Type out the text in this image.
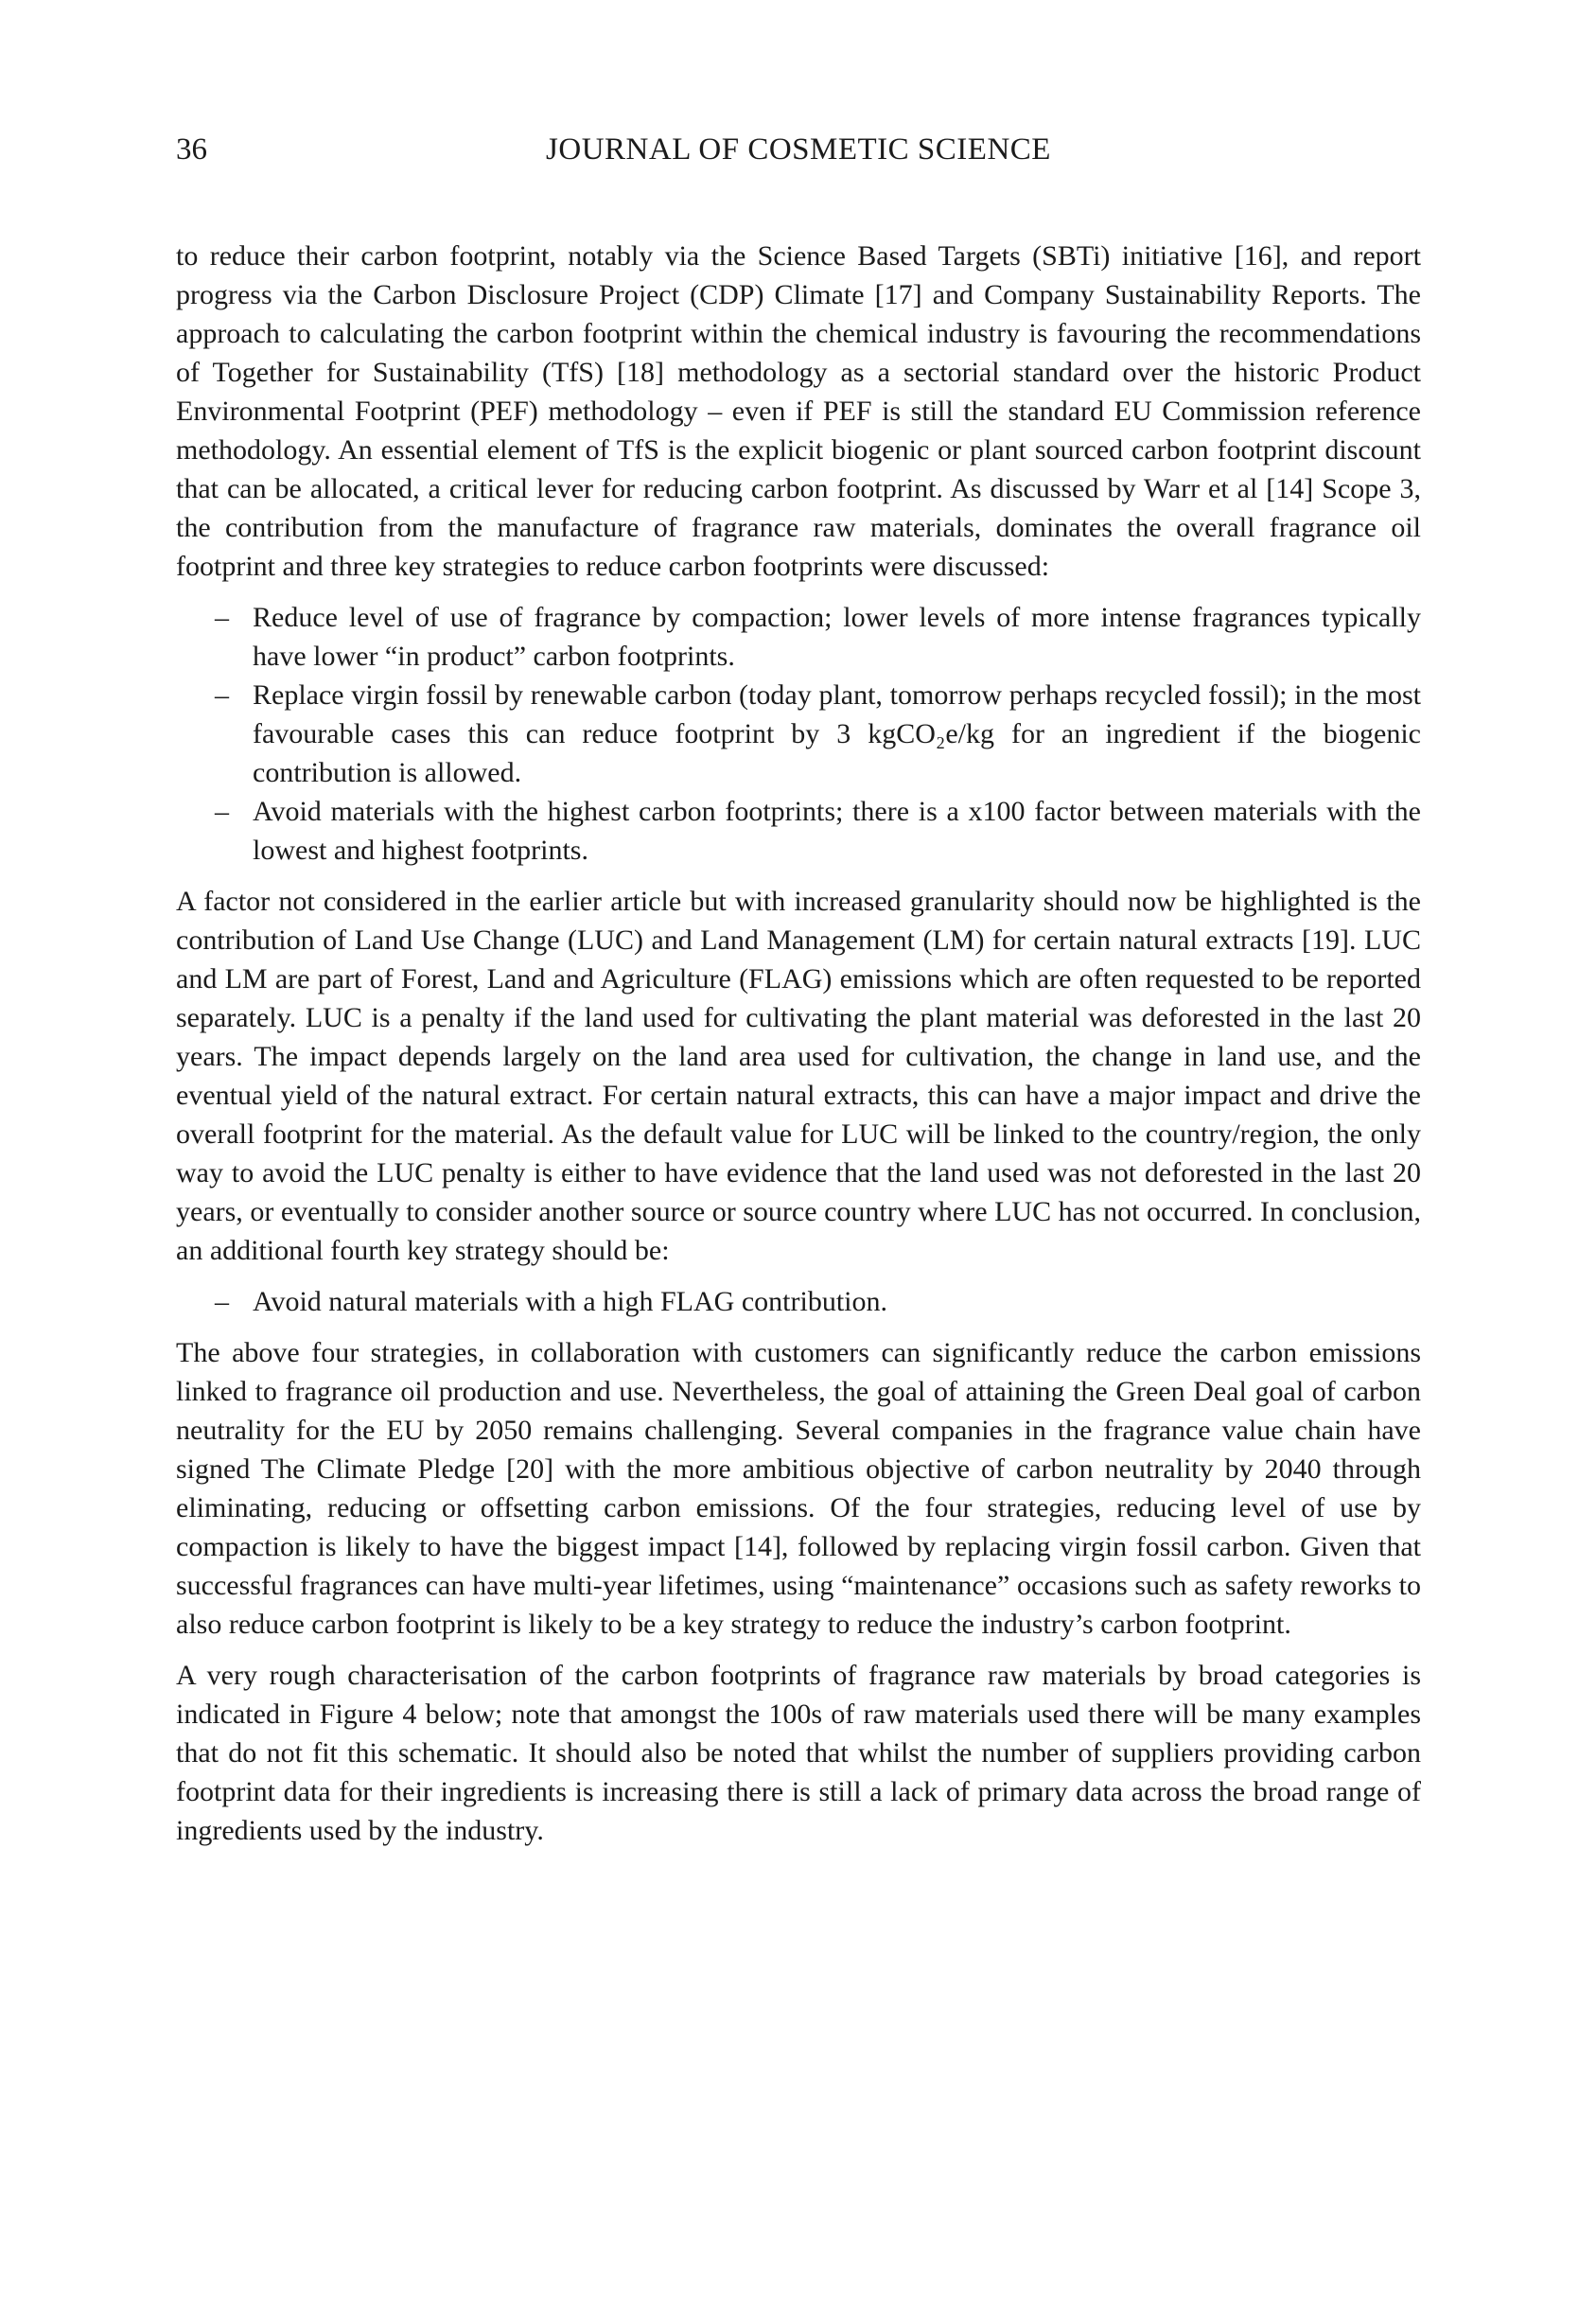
36	JOURNAL OF COSMETIC SCIENCE

to reduce their carbon footprint, notably via the Science Based Targets (SBTi) initiative [16], and report progress via the Carbon Disclosure Project (CDP) Climate [17] and Company Sustainability Reports. The approach to calculating the carbon footprint within the chemical industry is favouring the recommendations of Together for Sustainability (TfS) [18] methodology as a sectorial standard over the historic Product Environmental Footprint (PEF) methodology – even if PEF is still the standard EU Commission reference methodology. An essential element of TfS is the explicit biogenic or plant sourced carbon footprint discount that can be allocated, a critical lever for reducing carbon footprint. As discussed by Warr et al [14] Scope 3, the contribution from the manufacture of fragrance raw materials, dominates the overall fragrance oil footprint and three key strategies to reduce carbon footprints were discussed:

– Reduce level of use of fragrance by compaction; lower levels of more intense fragrances typically have lower “in product” carbon footprints.
– Replace virgin fossil by renewable carbon (today plant, tomorrow perhaps recycled fossil); in the most favourable cases this can reduce footprint by 3 kgCO₂e/kg for an ingredient if the biogenic contribution is allowed.
– Avoid materials with the highest carbon footprints; there is a x100 factor between materials with the lowest and highest footprints.

A factor not considered in the earlier article but with increased granularity should now be highlighted is the contribution of Land Use Change (LUC) and Land Management (LM) for certain natural extracts [19]. LUC and LM are part of Forest, Land and Agriculture (FLAG) emissions which are often requested to be reported separately. LUC is a penalty if the land used for cultivating the plant material was deforested in the last 20 years. The impact depends largely on the land area used for cultivation, the change in land use, and the eventual yield of the natural extract. For certain natural extracts, this can have a major impact and drive the overall footprint for the material. As the default value for LUC will be linked to the country/region, the only way to avoid the LUC penalty is either to have evidence that the land used was not deforested in the last 20 years, or eventually to consider another source or source country where LUC has not occurred. In conclusion, an additional fourth key strategy should be:

– Avoid natural materials with a high FLAG contribution.

The above four strategies, in collaboration with customers can significantly reduce the carbon emissions linked to fragrance oil production and use. Nevertheless, the goal of attaining the Green Deal goal of carbon neutrality for the EU by 2050 remains challenging. Several companies in the fragrance value chain have signed The Climate Pledge [20] with the more ambitious objective of carbon neutrality by 2040 through eliminating, reducing or offsetting carbon emissions. Of the four strategies, reducing level of use by compaction is likely to have the biggest impact [14], followed by replacing virgin fossil carbon. Given that successful fragrances can have multi-year lifetimes, using “maintenance” occasions such as safety reworks to also reduce carbon footprint is likely to be a key strategy to reduce the industry’s carbon footprint.

A very rough characterisation of the carbon footprints of fragrance raw materials by broad categories is indicated in Figure 4 below; note that amongst the 100s of raw materials used there will be many examples that do not fit this schematic. It should also be noted that whilst the number of suppliers providing carbon footprint data for their ingredients is increasing there is still a lack of primary data across the broad range of ingredients used by the industry.
